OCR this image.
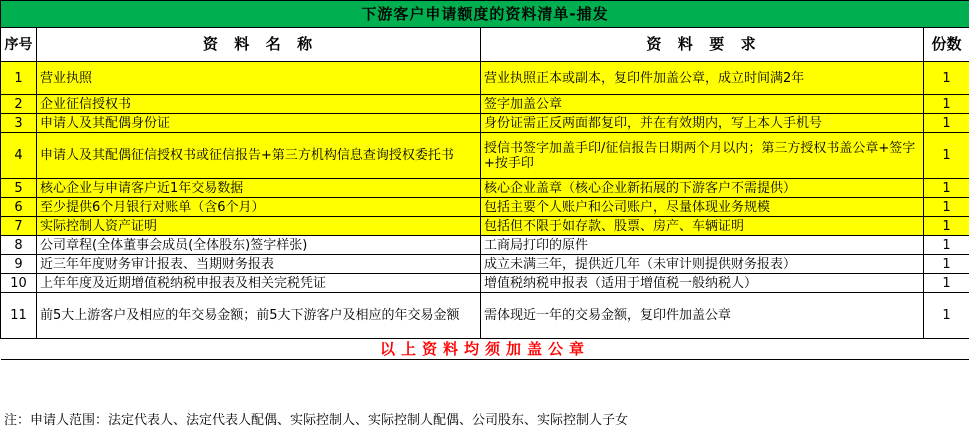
下游客户申请额度的资料清单-捕发			
序号	资  料  名  称	资  料  要  求	份数
1	营业执照	营业执照正本或副本，复印件加盖公章，成立时间满2年	1
2	企业征信授权书	签字加盖公章	1
3	申请人及其配偶身份证	身份证需正反两面都复印，并在有效期内，写上本人手机号	1
4	申请人及其配偶征信授权书或征信报告+第三方机构信息查询授权委托书	授信书签字加盖手印/征信报告日期两个月以内；第三方授权书盖公章+签字+按手印	1
5	核心企业与申请客户近1年交易数据	核心企业盖章（核心企业新拓展的下游客户不需提供）	1
6	至少提供6个月银行对账单（含6个月）	包括主要个人账户和公司账户，尽量体现业务规模	1
7	实际控制人资产证明	包括但不限于如存款、股票、房产、车辆证明	1
8	公司章程(全体董事会成员(全体股东)签字样张)	工商局打印的原件	1
9	近三年年度财务审计报表、当期财务报表	成立未满三年，提供近几年（未审计则提供财务报表）	1
10	上年年度及近期增值税纳税申报表及相关完税凭证	增值税纳税申报表（适用于增值税一般纳税人）	1
11	前5大上游客户及相应的年交易金额；前5大下游客户及相应的年交易金额	需体现近一年的交易金额，复印件加盖公章	1
以上资料均须加盖公章			
注：申请人范围：法定代表人、法定代表人配偶、实际控制人、实际控制人配偶、公司股东、实际控制人子女
